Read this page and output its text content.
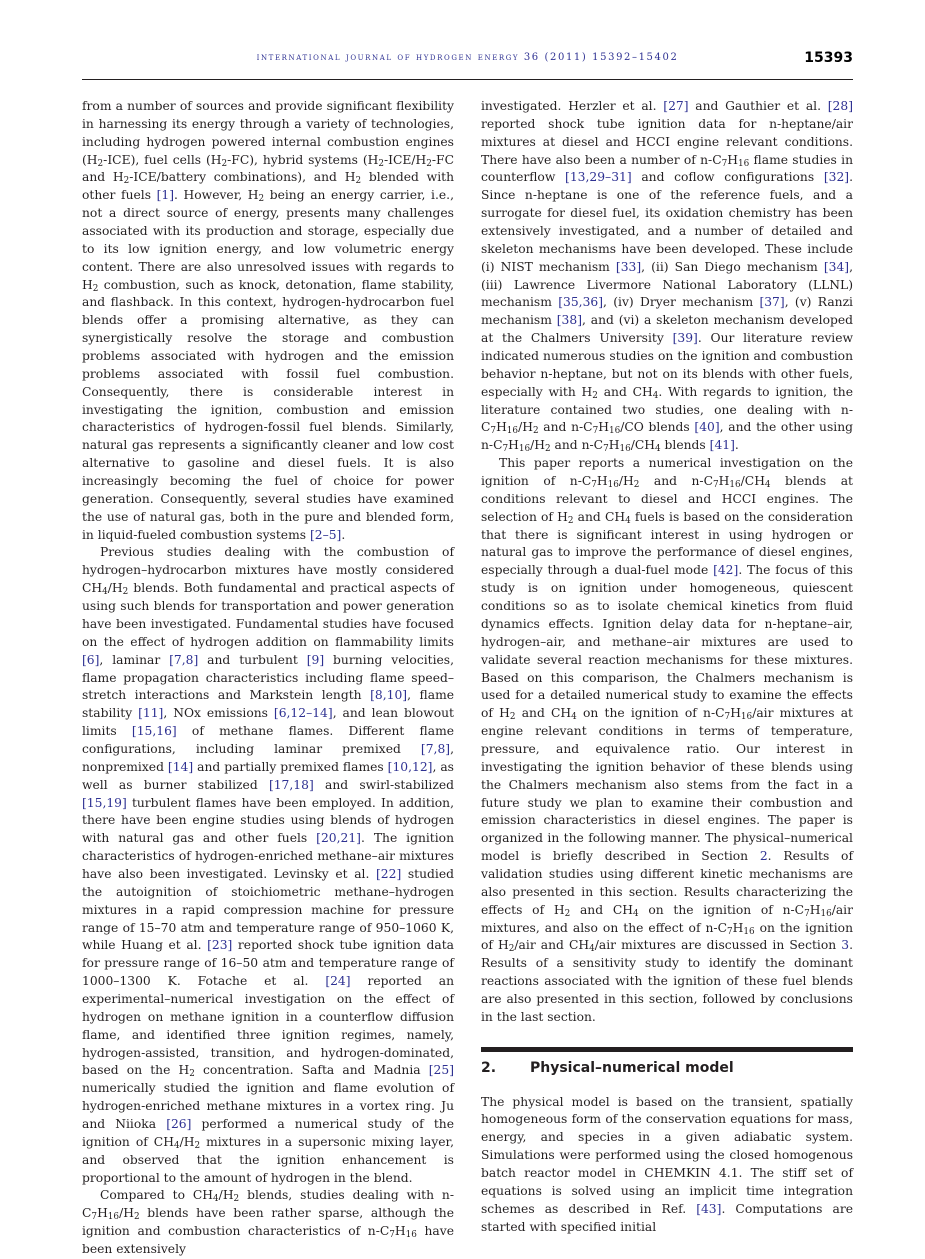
international journal of hydrogen energy 36 (2011) 15392–15402	15393

from a number of sources and provide significant flexibility in harnessing its energy through a variety of technologies, including hydrogen powered internal combustion engines $(H_2-ICE)$, fuel cells $(H_2-FC)$, hybrid systems ($H_2-ICE/H_2-FC$ and $H_2-ICE$/battery combinations), and $H_2$ blended with other fuels [1]. However, $H_2$ being an energy carrier, i.e., not a direct source of energy, presents many challenges associated with its production and storage, especially due to its low ignition energy, and low volumetric energy content. There are also unresolved issues with regards to $H_2$ combustion, such as knock, detonation, flame stability, and flashback. In this context, hydrogen-hydrocarbon fuel blends offer a promising alternative, as they can synergistically resolve the storage and combustion problems associated with hydrogen and the emission problems associated with fossil fuel combustion. Consequently, there is considerable interest in investigating the ignition, combustion and emission characteristics of hydrogen-fossil fuel blends. Similarly, natural gas represents a significantly cleaner and low cost alternative to gasoline and diesel fuels. It is also increasingly becoming the fuel of choice for power generation. Consequently, several studies have examined the use of natural gas, both in the pure and blended form, in liquid-fueled combustion systems [2–5].

Previous studies dealing with the combustion of hydrogen–hydrocarbon mixtures have mostly considered $CH_4/H_2$ blends. Both fundamental and practical aspects of using such blends for transportation and power generation have been investigated. Fundamental studies have focused on the effect of hydrogen addition on flammability limits [6], laminar [7,8] and turbulent [9] burning velocities, flame propagation characteristics including flame speed–stretch interactions and Markstein length [8,10], flame stability [11], NOx emissions [6,12–14], and lean blowout limits [15,16] of methane flames. Different flame configurations, including laminar premixed [7,8], nonpremixed [14] and partially premixed flames [10,12], as well as burner stabilized [17,18] and swirl-stabilized [15,19] turbulent flames have been employed. In addition, there have been engine studies using blends of hydrogen with natural gas and other fuels [20,21]. The ignition characteristics of hydrogen-enriched methane–air mixtures have also been investigated. Levinsky et al. [22] studied the autoignition of stoichiometric methane–hydrogen mixtures in a rapid compression machine for pressure range of 15–70 atm and temperature range of 950–1060 K, while Huang et al. [23] reported shock tube ignition data for pressure range of 16–50 atm and temperature range of 1000–1300 K. Fotache et al. [24] reported an experimental–numerical investigation on the effect of hydrogen on methane ignition in a counterflow diffusion flame, and identified three ignition regimes, namely, hydrogen-assisted, transition, and hydrogen-dominated, based on the $H_2$ concentration. Safta and Madnia [25] numerically studied the ignition and flame evolution of hydrogen-enriched methane mixtures in a vortex ring. Ju and Niioka [26] performed a numerical study of the ignition of $CH_4/H_2$ mixtures in a supersonic mixing layer, and observed that the ignition enhancement is proportional to the amount of hydrogen in the blend.

Compared to $CH_4/H_2$ blends, studies dealing with $n-C_7H_{16}/H_2$ blends have been rather sparse, although the ignition and combustion characteristics of $n-C_7H_{16}$ have been extensively

investigated. Herzler et al. [27] and Gauthier et al. [28] reported shock tube ignition data for n-heptane/air mixtures at diesel and HCCI engine relevant conditions. There have also been a number of $n-C_7H_{16}$ flame studies in counterflow [13,29–31] and coflow configurations [32]. Since n-heptane is one of the reference fuels, and a surrogate for diesel fuel, its oxidation chemistry has been extensively investigated, and a number of detailed and skeleton mechanisms have been developed. These include (i) NIST mechanism [33], (ii) San Diego mechanism [34], (iii) Lawrence Livermore National Laboratory (LLNL) mechanism [35,36], (iv) Dryer mechanism [37], (v) Ranzi mechanism [38], and (vi) a skeleton mechanism developed at the Chalmers University [39]. Our literature review indicated numerous studies on the ignition and combustion behavior n-heptane, but not on its blends with other fuels, especially with $H_2$ and $CH_4$. With regards to ignition, the literature contained two studies, one dealing with $n-C_7H_{16}/H_2$ and $n-C_7H_{16}/CO$ blends [40], and the other using $n-C_7H_{16}/H_2$ and $n-C_7H_{16}/CH_4$ blends [41].

This paper reports a numerical investigation on the ignition of $n-C_7H_{16}/H_2$ and $n-C_7H_{16}/CH_4$ blends at conditions relevant to diesel and HCCI engines. The selection of $H_2$ and $CH_4$ fuels is based on the consideration that there is significant interest in using hydrogen or natural gas to improve the performance of diesel engines, especially through a dual-fuel mode [42]. The focus of this study is on ignition under homogeneous, quiescent conditions so as to isolate chemical kinetics from fluid dynamics effects. Ignition delay data for n-heptane–air, hydrogen–air, and methane–air mixtures are used to validate several reaction mechanisms for these mixtures. Based on this comparison, the Chalmers mechanism is used for a detailed numerical study to examine the effects of $H_2$ and $CH_4$ on the ignition of $n-C_7H_{16}$/air mixtures at engine relevant conditions in terms of temperature, pressure, and equivalence ratio. Our interest in investigating the ignition behavior of these blends using the Chalmers mechanism also stems from the fact in a future study we plan to examine their combustion and emission characteristics in diesel engines. The paper is organized in the following manner. The physical–numerical model is briefly described in Section 2. Results of validation studies using different kinetic mechanisms are also presented in this section. Results characterizing the effects of $H_2$ and $CH_4$ on the ignition of $n-C_7H_{16}$/air mixtures, and also on the effect of $n-C_7H_{16}$ on the ignition of $H_2$/air and $CH_4$/air mixtures are discussed in Section 3. Results of a sensitivity study to identify the dominant reactions associated with the ignition of these fuel blends are also presented in this section, followed by conclusions in the last section.

2.	Physical–numerical model

The physical model is based on the transient, spatially homogeneous form of the conservation equations for mass, energy, and species in a given adiabatic system. Simulations were performed using the closed homogenous batch reactor model in CHEMKIN 4.1. The stiff set of equations is solved using an implicit time integration schemes as described in Ref. [43]. Computations are started with specified initial
